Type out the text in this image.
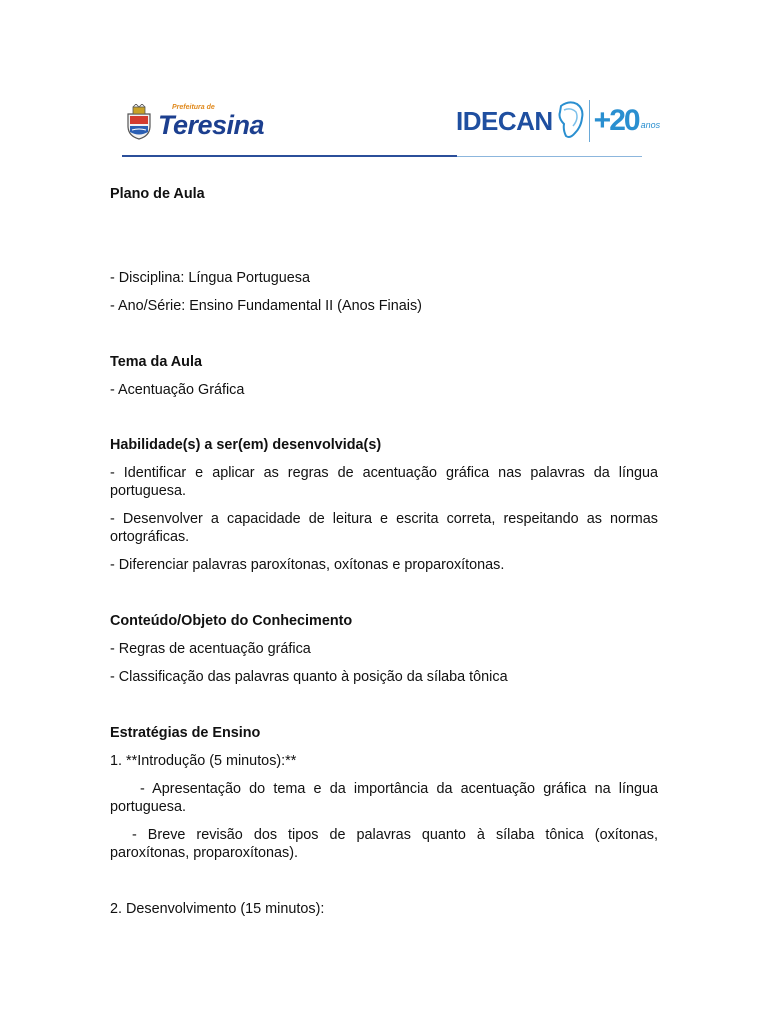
Prefeitura de
Teresina	IDECAN +20 anos

Plano de Aula

- Disciplina: Língua Portuguesa

- Ano/Série: Ensino Fundamental II (Anos Finais)

Tema da Aula

- Acentuação Gráfica

Habilidade(s) a ser(em) desenvolvida(s)

- Identificar e aplicar as regras de acentuação gráfica nas palavras da língua portuguesa.

- Desenvolver a capacidade de leitura e escrita correta, respeitando as normas ortográficas.

- Diferenciar palavras paroxítonas, oxítonas e proparoxítonas.

Conteúdo/Objeto do Conhecimento

- Regras de acentuação gráfica

- Classificação das palavras quanto à posição da sílaba tônica

Estratégias de Ensino

1. **Introdução (5 minutos):**

- Apresentação do tema e da importância da acentuação gráfica na língua portuguesa.

- Breve revisão dos tipos de palavras quanto à sílaba tônica (oxítonas, paroxítonas, proparoxítonas).

2. Desenvolvimento (15 minutos):
